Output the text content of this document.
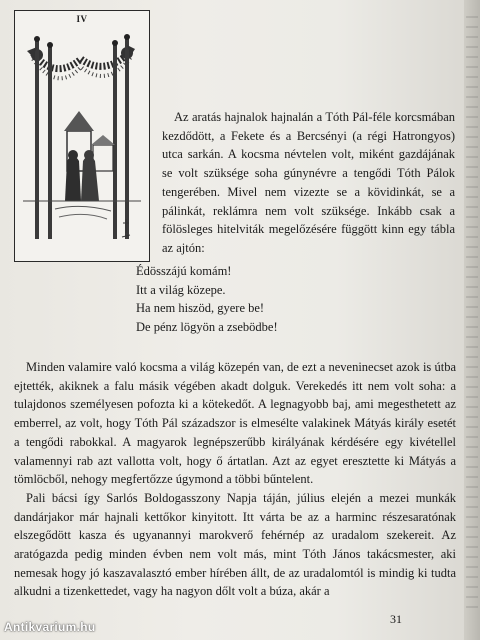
IV

Az aratás hajnalok hajnalán a Tóth Pál-féle korcsmában kezdődött, a Fekete és a Bercsényi (a régi Hatrongyos) utca sarkán. A kocsma névtelen volt, miként gazdájának se volt szüksége soha gúnynévre a tengődi Tóth Pálok tengerében. Mivel nem vizezte se a kövidinkát, se a pálinkát, reklámra nem volt szüksége. Inkább csak a fölösleges hitelviták megelőzésére függött kinn egy tábla az ajtón:

Édösszájú komám!
Itt a világ közepe.
Ha nem hiszöd, gyere be!
De pénz lögyön a zsebödbe!

Minden valamire való kocsma a világ közepén van, de ezt a neveninecset azok is útba ejtették, akiknek a falu másik végében akadt dolguk. Verekedés itt nem volt soha: a tulajdonos személyesen pofozta ki a kötekedőt. A legnagyobb baj, ami megesthetett az emberrel, az volt, hogy Tóth Pál századszor is elmesélte valakinek Mátyás király esetét a tengődi rabokkal. A magyarok legnépszerűbb királyának kérdésére egy kivétellel valamennyi rab azt vallotta volt, hogy ő ártatlan. Azt az egyet eresztette ki Mátyás a tömlöcből, nehogy megfertőzze úgymond a többi bűntelent.

Pali bácsi így Sarlós Boldogasszony Napja táján, július elején a mezei munkák dandárjakor már hajnali kettőkor kinyitott. Itt várta be az a harminc részesaratónak elszegődött kasza és ugyanannyi marokverő fehérnép az uradalom szekereit. Az aratógazda pedig minden évben nem volt más, mint Tóth János takácsmester, aki nemesak hogy jó kaszavalasztó ember hírében állt, de az uradalomtól is mindig ki tudta alkudni a tizenkettedet, vagy ha nagyon dőlt volt a búza, akár a

31
Antikvarium.hu
